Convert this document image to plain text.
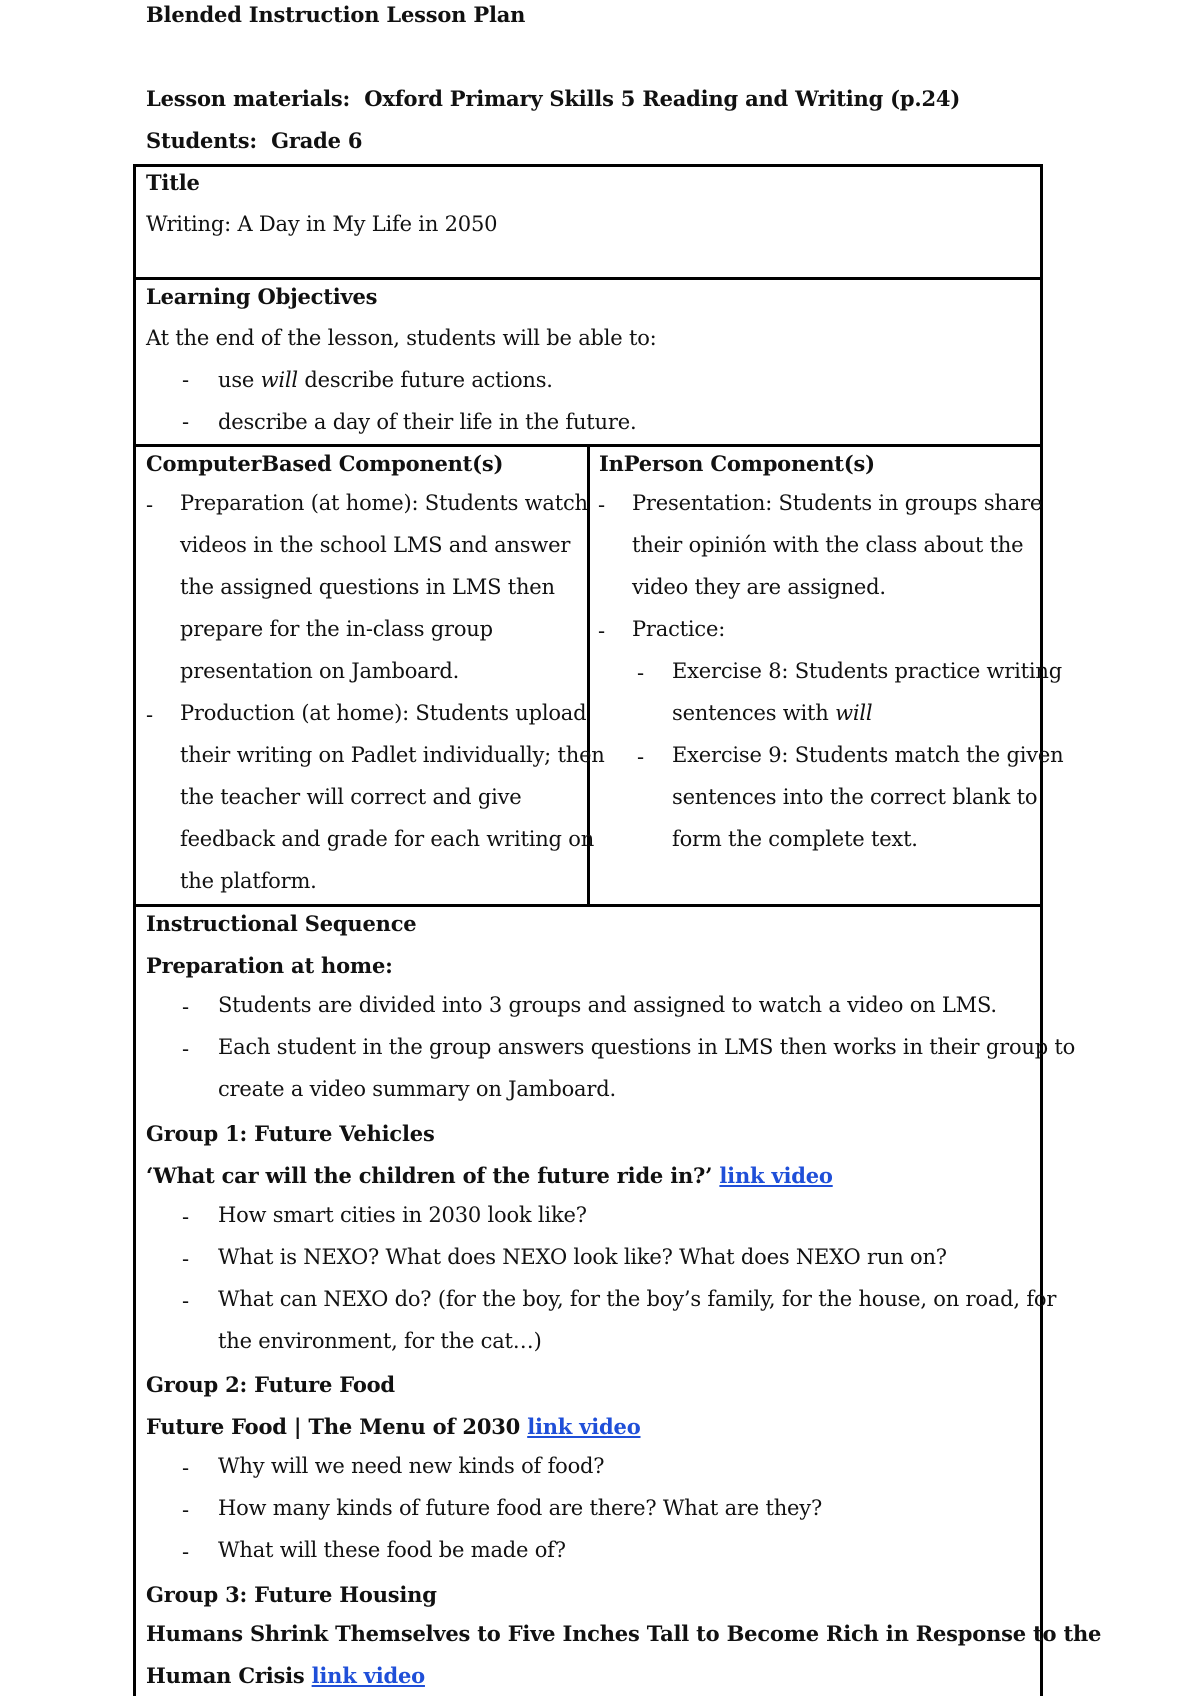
Blended Instruction Lesson Plan
Lesson materials: Oxford Primary Skills 5 Reading and Writing (p.24)
Students: Grade 6
Title
Writing: A Day in My Life in 2050
Learning Objectives
At the end of the lesson, students will be able to:
- use will describe future actions.
- describe a day of their life in the future.
ComputerBased Component(s)
- Preparation (at home): Students watch
videos in the school LMS and answer
the assigned questions in LMS then
prepare for the in-class group
presentation on Jamboard.
- Production (at home): Students upload
their writing on Padlet individually; then
the teacher will correct and give
feedback and grade for each writing on
the platform.
InPerson Component(s)
- Presentation: Students in groups share
their opinión with the class about the
video they are assigned.
- Practice:
- Exercise 8: Students practice writing
sentences with will
- Exercise 9: Students match the given
sentences into the correct blank to
form the complete text.
Instructional Sequence
Preparation at home:
- Students are divided into 3 groups and assigned to watch a video on LMS.
- Each student in the group answers questions in LMS then works in their group to
create a video summary on Jamboard.
Group 1: Future Vehicles
‘What car will the children of the future ride in?’ link video
- How smart cities in 2030 look like?
- What is NEXO? What does NEXO look like? What does NEXO run on?
- What can NEXO do? (for the boy, for the boy’s family, for the house, on road, for
the environment, for the cat…)
Group 2: Future Food
Future Food | The Menu of 2030 link video
- Why will we need new kinds of food?
- How many kinds of future food are there? What are they?
- What will these food be made of?
Group 3: Future Housing
Humans Shrink Themselves to Five Inches Tall to Become Rich in Response to the
Human Crisis link video
